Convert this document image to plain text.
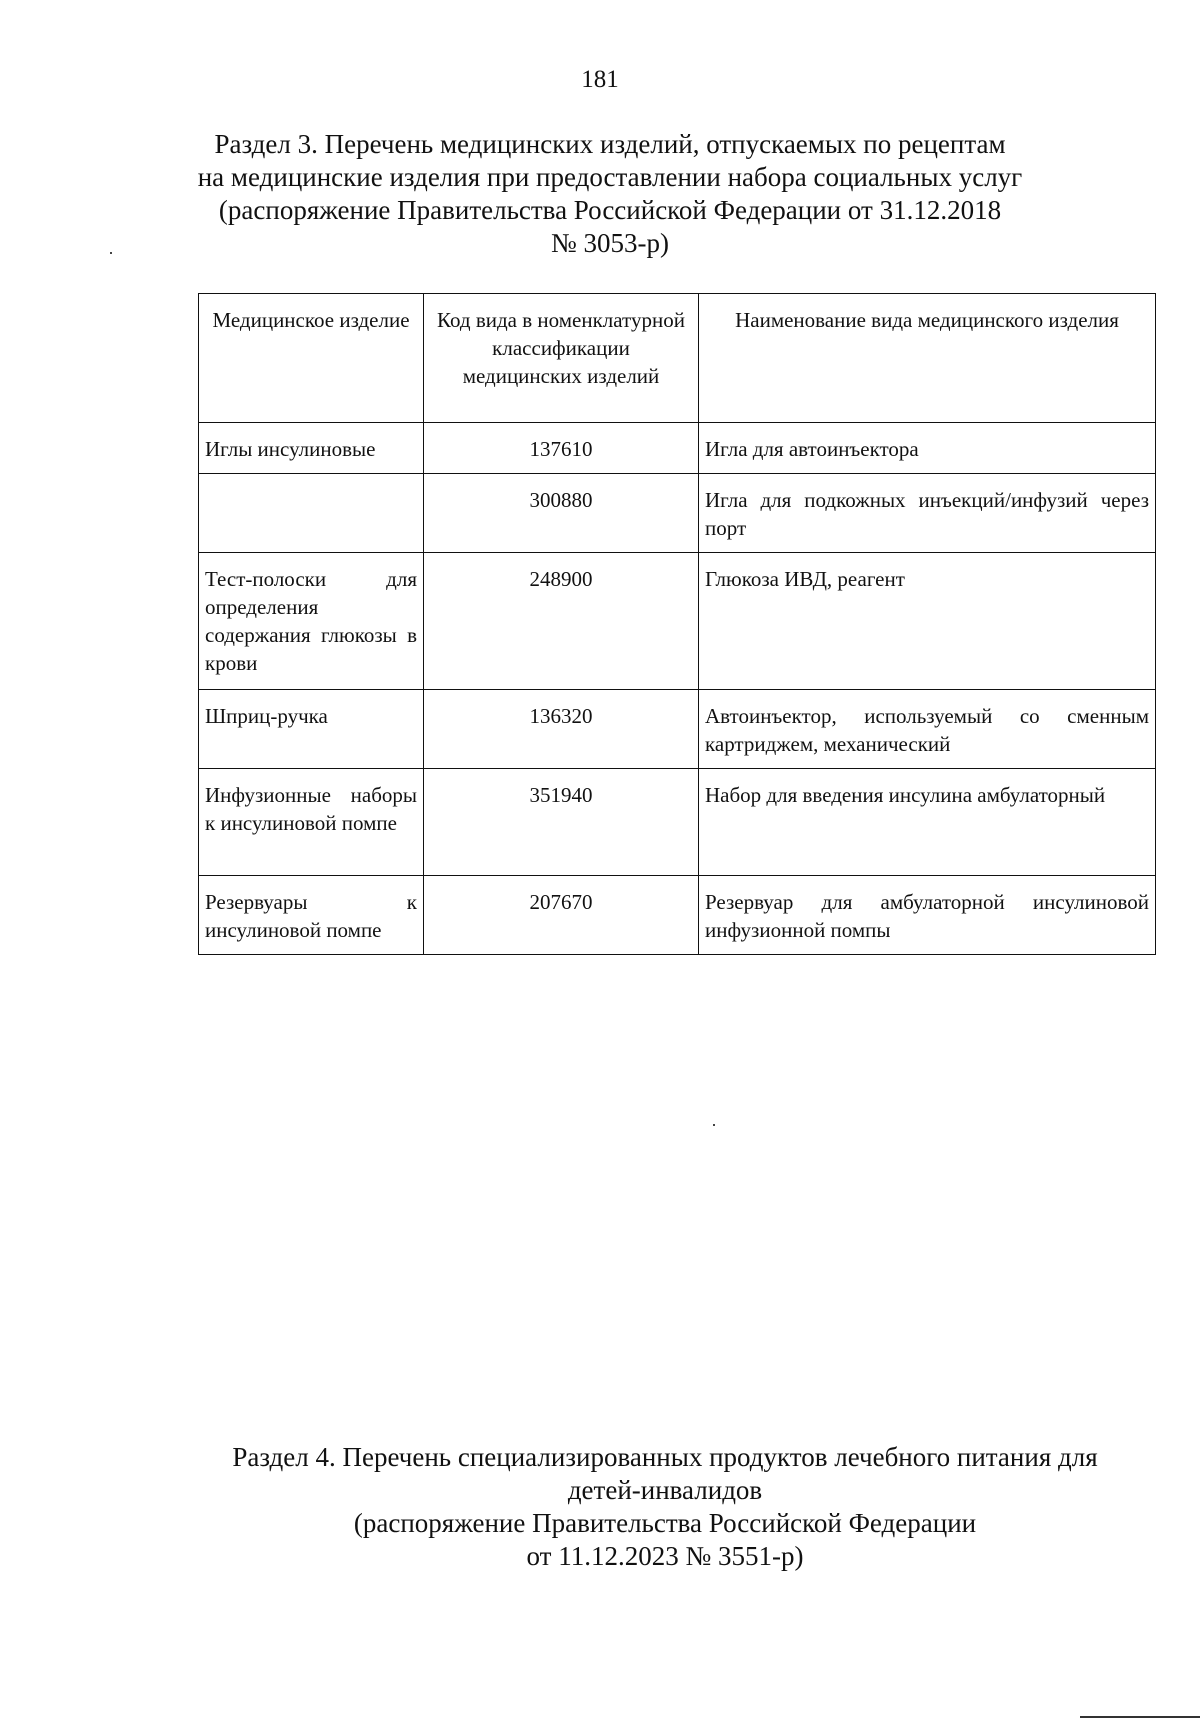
181
Раздел 3. Перечень медицинских изделий, отпускаемых по рецептам
на медицинские изделия при предоставлении набора социальных услуг
(распоряжение Правительства Российской Федерации от 31.12.2018
№ 3053-р)
Медицинское изделие	Код вида в номенклатурной классификации медицинских изделий	Наименование вида медицинского изделия
Иглы инсулиновые	137610	Игла для автоинъектора
	300880	Игла для подкожных инъекций/инфузий через порт
Тест-полоски для определения содержания глюкозы в крови	248900	Глюкоза ИВД, реагент
Шприц-ручка	136320	Автоинъектор, используемый со сменным картриджем, механический
Инфузионные наборы к инсулиновой помпе	351940	Набор для введения инсулина амбулаторный
Резервуары к инсулиновой помпе	207670	Резервуар для амбулаторной инсулиновой инфузионной помпы
Раздел 4. Перечень специализированных продуктов лечебного питания для
детей-инвалидов
(распоряжение Правительства Российской Федерации
от 11.12.2023 № 3551-р)
